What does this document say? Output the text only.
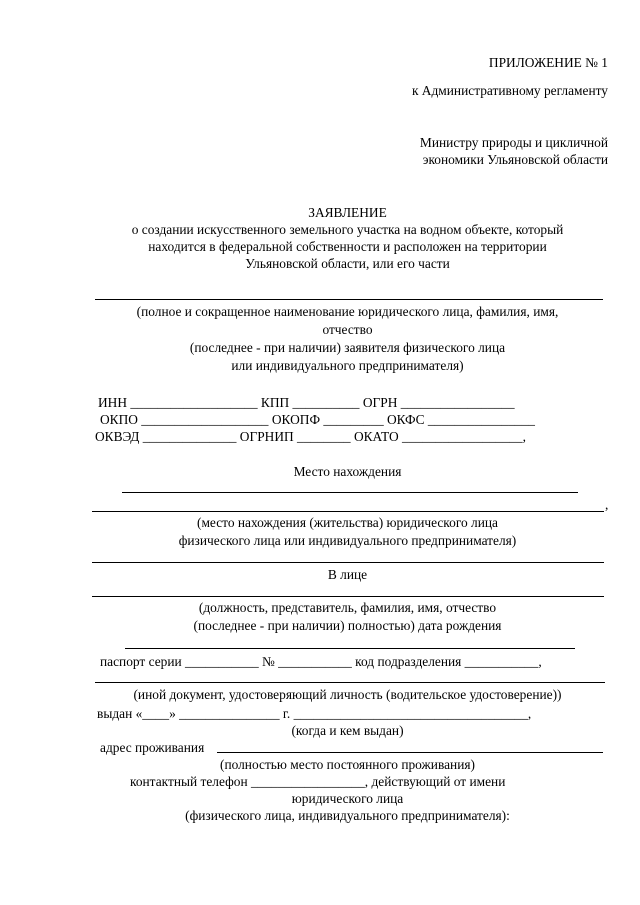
ПРИЛОЖЕНИЕ № 1
к Административному регламенту
Министру природы и цикличной
экономики Ульяновской области
ЗАЯВЛЕНИЕ
о создании искусственного земельного участка на водном объекте, который
находится в федеральной собственности и расположен на территории
Ульяновской области, или его части
(полное и сокращенное наименование юридического лица, фамилия, имя,
отчество
(последнее - при наличии) заявителя физического лица
или индивидуального предпринимателя)
ИНН ___________________ КПП __________ ОГРН _________________
ОКПО ___________________ ОКОПФ _________ ОКФС ________________
ОКВЭД ______________ ОГРНИП ________ ОКАТО __________________,
Место нахождения
,
(место нахождения (жительства) юридического лица
физического лица или индивидуального предпринимателя)
В лице
(должность, представитель, фамилия, имя, отчество
(последнее - при наличии) полностью) дата рождения
паспорт серии ___________ № ___________ код подразделения ___________,
(иной документ, удостоверяющий личность (водительское удостоверение))
выдан «____» _______________ г. ___________________________________,
(когда и кем выдан)
адрес проживания
(полностью место постоянного проживания)
контактный телефон _________________, действующий от имени
юридического лица
(физического лица, индивидуального предпринимателя):
